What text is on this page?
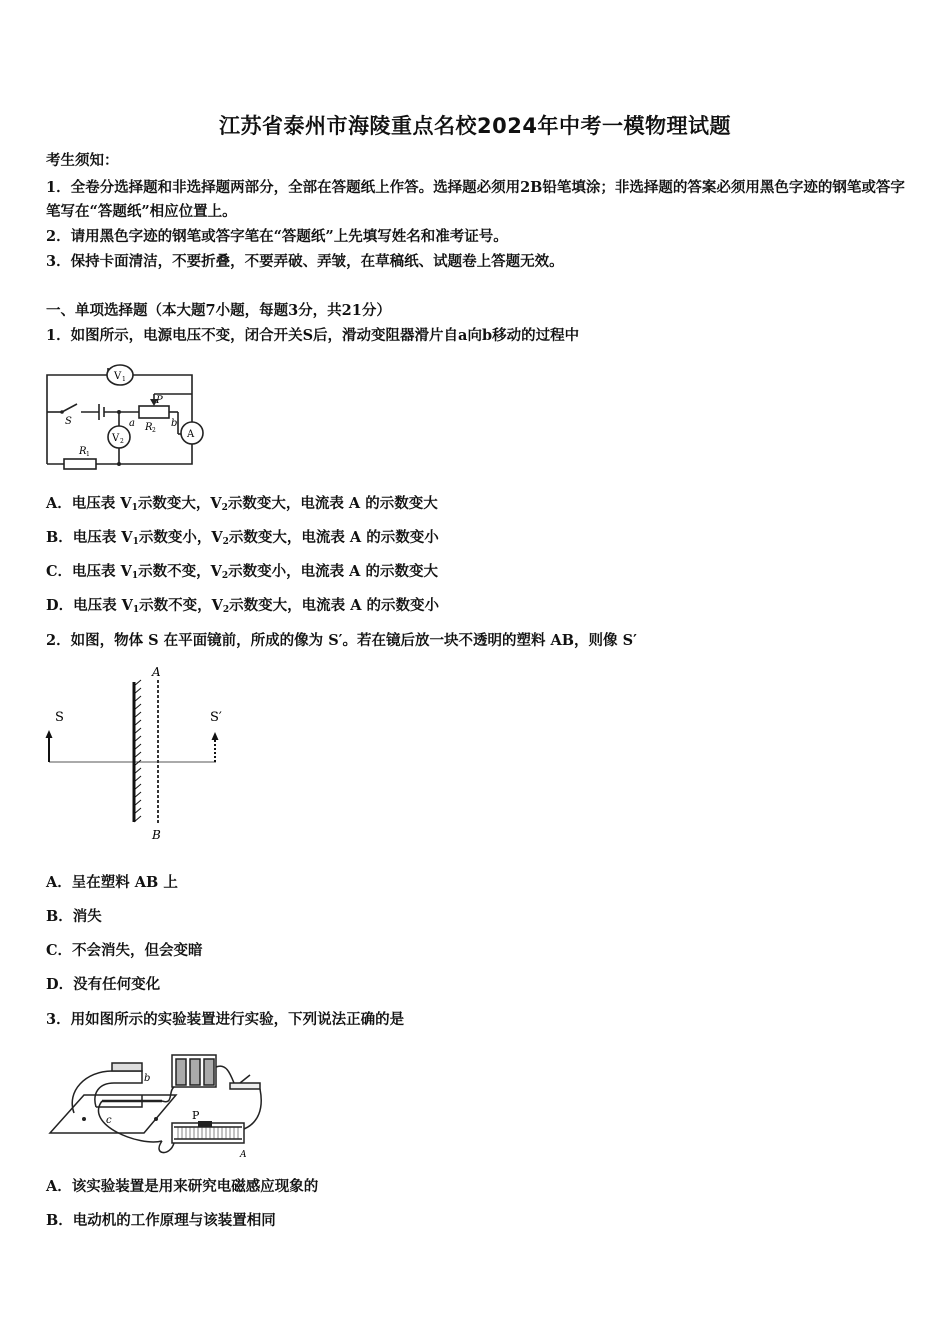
江苏省泰州市海陵重点名校2024年中考一模物理试题
考生须知：
1．全卷分选择题和非选择题两部分，全部在答题纸上作答。选择题必须用2B铅笔填涂；非选择题的答案必须用黑色字迹的钢笔或答字笔写在“答题纸”相应位置上。
2．请用黑色字迹的钢笔或答字笔在“答题纸”上先填写姓名和准考证号。
3．保持卡面清洁，不要折叠，不要弄破、弄皱，在草稿纸、试题卷上答题无效。
一、单项选择题（本大题7小题，每题3分，共21分）
1．如图所示，电源电压不变，闭合开关S后，滑动变阻器滑片自a向b移动的过程中
V 1
V 2
A
S
P
R 2
R 1
a	b
A．电压表 $V_1$示数变大，$V_2$示数变大，电流表 A 的示数变大
B．电压表 $V_1$示数变小，$V_2$示数变大，电流表 A 的示数变小
C．电压表 $V_1$示数不变，$V_2$示数变小，电流表 A 的示数变大
D．电压表 $V_1$示数不变，$V_2$示数变大，电流表 A 的示数变小
2．如图，物体 S 在平面镜前，所成的像为 S′。若在镜后放一块不透明的塑料 AB，则像 S′
S	S′
A
B
A．呈在塑料 AB 上
B．消失
C．不会消失，但会变暗
D．没有任何变化
3．用如图所示的实验装置进行实验，下列说法正确的是
P
b
c
A
A．该实验装置是用来研究电磁感应现象的
B．电动机的工作原理与该装置相同
